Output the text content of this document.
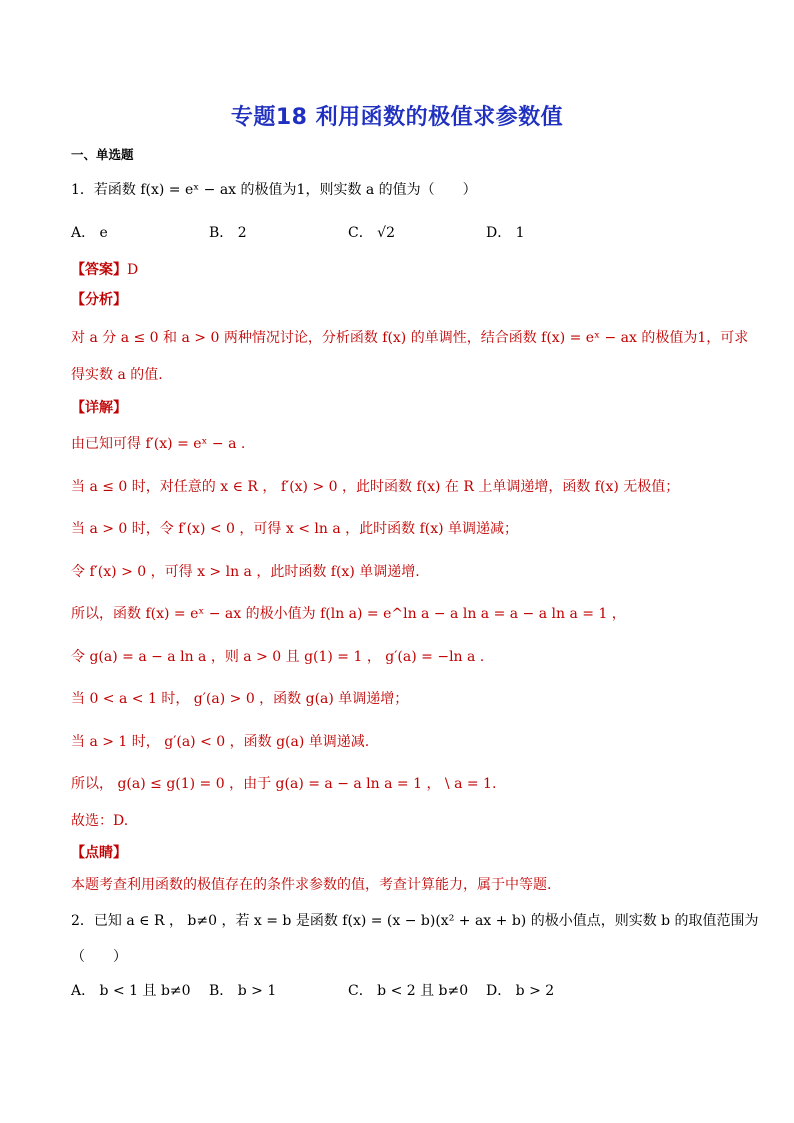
专题18 利用函数的极值求参数值
一、单选题
1．若函数 f(x) = eˣ − ax 的极值为1，则实数 a 的值为（　　）
A． e	B． 2	C． √2	D． 1
【答案】D
【分析】
对 a 分 a ≤ 0 和 a > 0 两种情况讨论，分析函数 f(x) 的单调性，结合函数 f(x) = eˣ − ax 的极值为1，可求
得实数 a 的值.
【详解】
由已知可得 f′(x) = eˣ − a .
当 a ≤ 0 时，对任意的 x ∈ R ， f′(x) > 0 ，此时函数 f(x) 在 R 上单调递增，函数 f(x) 无极值；
当 a > 0 时，令 f′(x) < 0 ，可得 x < ln a ，此时函数 f(x) 单调递减；
令 f′(x) > 0 ，可得 x > ln a ，此时函数 f(x) 单调递增.
所以，函数 f(x) = eˣ − ax 的极小值为 f(ln a) = e^ln a − a ln a = a − a ln a = 1 ，
令 g(a) = a − a ln a ，则 a > 0 且 g(1) = 1 ， g′(a) = −ln a .
当 0 < a < 1 时， g′(a) > 0 ，函数 g(a) 单调递增；
当 a > 1 时， g′(a) < 0 ，函数 g(a) 单调递减.
所以， g(a) ≤ g(1) = 0 ，由于 g(a) = a − a ln a = 1 ， \ a = 1.
故选：D.
【点睛】
本题考查利用函数的极值存在的条件求参数的值，考查计算能力，属于中等题.
2．已知 a ∈ R ， b≠0 ，若 x = b 是函数 f(x) = (x − b)(x² + ax + b) 的极小值点，则实数 b 的取值范围为
（　　）
A． b < 1 且 b≠0 B． b > 1	C． b < 2 且 b≠0 D． b > 2
